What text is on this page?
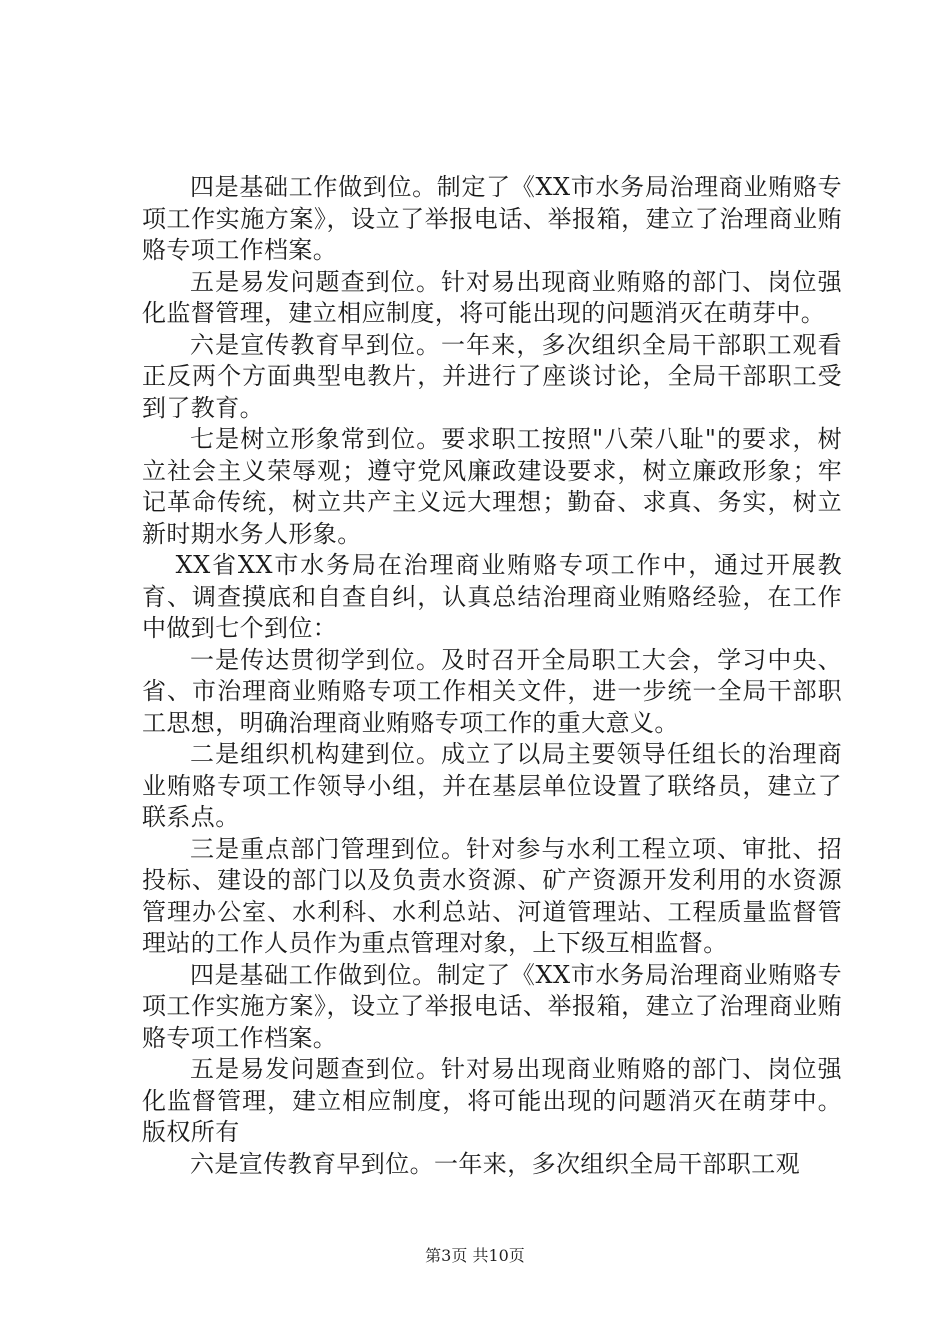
四是基础工作做到位。制定了《XX市水务局治理商业贿赂专项工作实施方案》，设立了举报电话、举报箱，建立了治理商业贿赂专项工作档案。

五是易发问题查到位。针对易出现商业贿赂的部门、岗位强化监督管理，建立相应制度，将可能出现的问题消灭在萌芽中。

六是宣传教育早到位。一年来，多次组织全局干部职工观看正反两个方面典型电教片，并进行了座谈讨论，全局干部职工受到了教育。

七是树立形象常到位。要求职工按照"八荣八耻"的要求，树立社会主义荣辱观；遵守党风廉政建设要求，树立廉政形象；牢记革命传统，树立共产主义远大理想；勤奋、求真、务实，树立新时期水务人形象。

XX省XX市水务局在治理商业贿赂专项工作中，通过开展教育、调查摸底和自查自纠，认真总结治理商业贿赂经验，在工作中做到七个到位：

一是传达贯彻学到位。及时召开全局职工大会，学习中央、省、市治理商业贿赂专项工作相关文件，进一步统一全局干部职工思想，明确治理商业贿赂专项工作的重大意义。

二是组织机构建到位。成立了以局主要领导任组长的治理商业贿赂专项工作领导小组，并在基层单位设置了联络员，建立了联系点。

三是重点部门管理到位。针对参与水利工程立项、审批、招投标、建设的部门以及负责水资源、矿产资源开发利用的水资源管理办公室、水利科、水利总站、河道管理站、工程质量监督管理站的工作人员作为重点管理对象，上下级互相监督。

四是基础工作做到位。制定了《XX市水务局治理商业贿赂专项工作实施方案》，设立了举报电话、举报箱，建立了治理商业贿赂专项工作档案。

五是易发问题查到位。针对易出现商业贿赂的部门、岗位强化监督管理，建立相应制度，将可能出现的问题消灭在萌芽中。版权所有

六是宣传教育早到位。一年来，多次组织全局干部职工观

第3页 共10页
